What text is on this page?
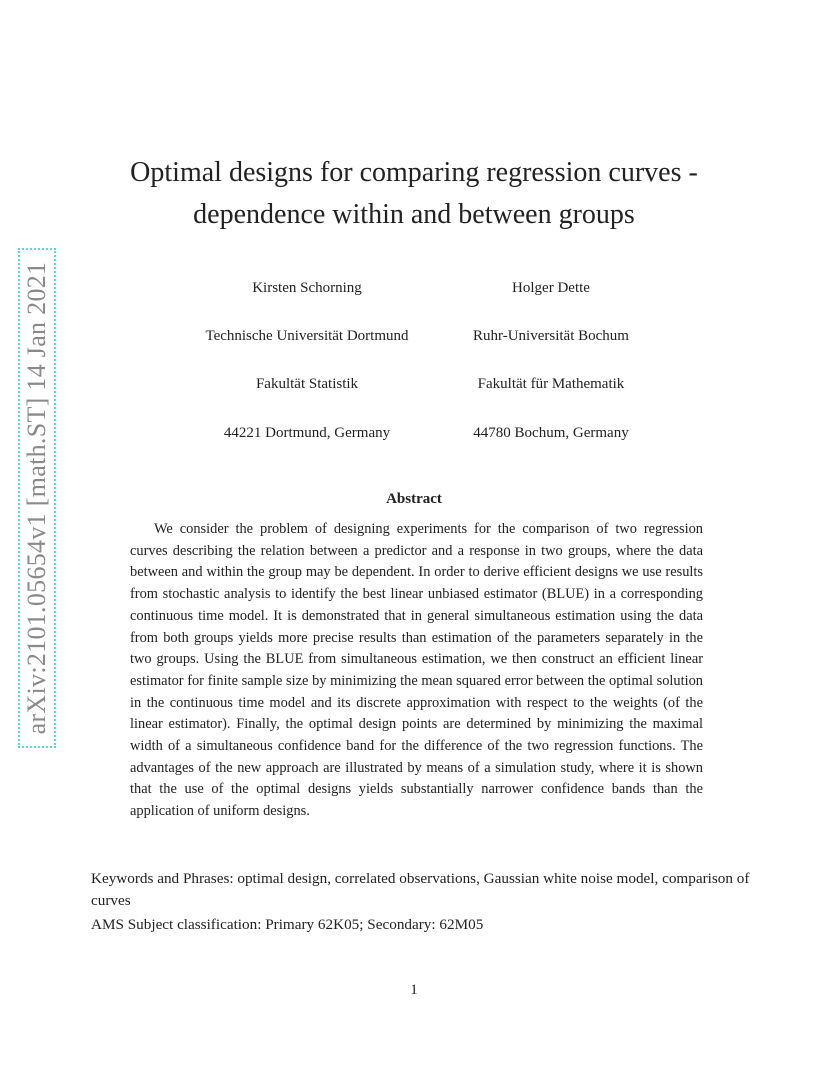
arXiv:2101.05654v1 [math.ST] 14 Jan 2021
Optimal designs for comparing regression curves -
dependence within and between groups
Kirsten Schorning
Technische Universität Dortmund
Fakultät Statistik
44221 Dortmund, Germany
Holger Dette
Ruhr-Universität Bochum
Fakultät für Mathematik
44780 Bochum, Germany
Abstract

We consider the problem of designing experiments for the comparison of two regression curves describing the relation between a predictor and a response in two groups, where the data between and within the group may be dependent. In order to derive efficient designs we use results from stochastic analysis to identify the best linear unbiased estimator (BLUE) in a corresponding continuous time model. It is demonstrated that in general simultaneous estimation using the data from both groups yields more precise results than estimation of the parameters separately in the two groups. Using the BLUE from simultaneous estimation, we then construct an efficient linear estimator for finite sample size by minimizing the mean squared error between the optimal solution in the continuous time model and its discrete approximation with respect to the weights (of the linear estimator). Finally, the optimal design points are determined by minimizing the maximal width of a simultaneous confidence band for the difference of the two regression functions. The advantages of the new approach are illustrated by means of a simulation study, where it is shown that the use of the optimal designs yields substantially narrower confidence bands than the application of uniform designs.

Keywords and Phrases: optimal design, correlated observations, Gaussian white noise model, comparison of curves

AMS Subject classification: Primary 62K05; Secondary: 62M05

1
